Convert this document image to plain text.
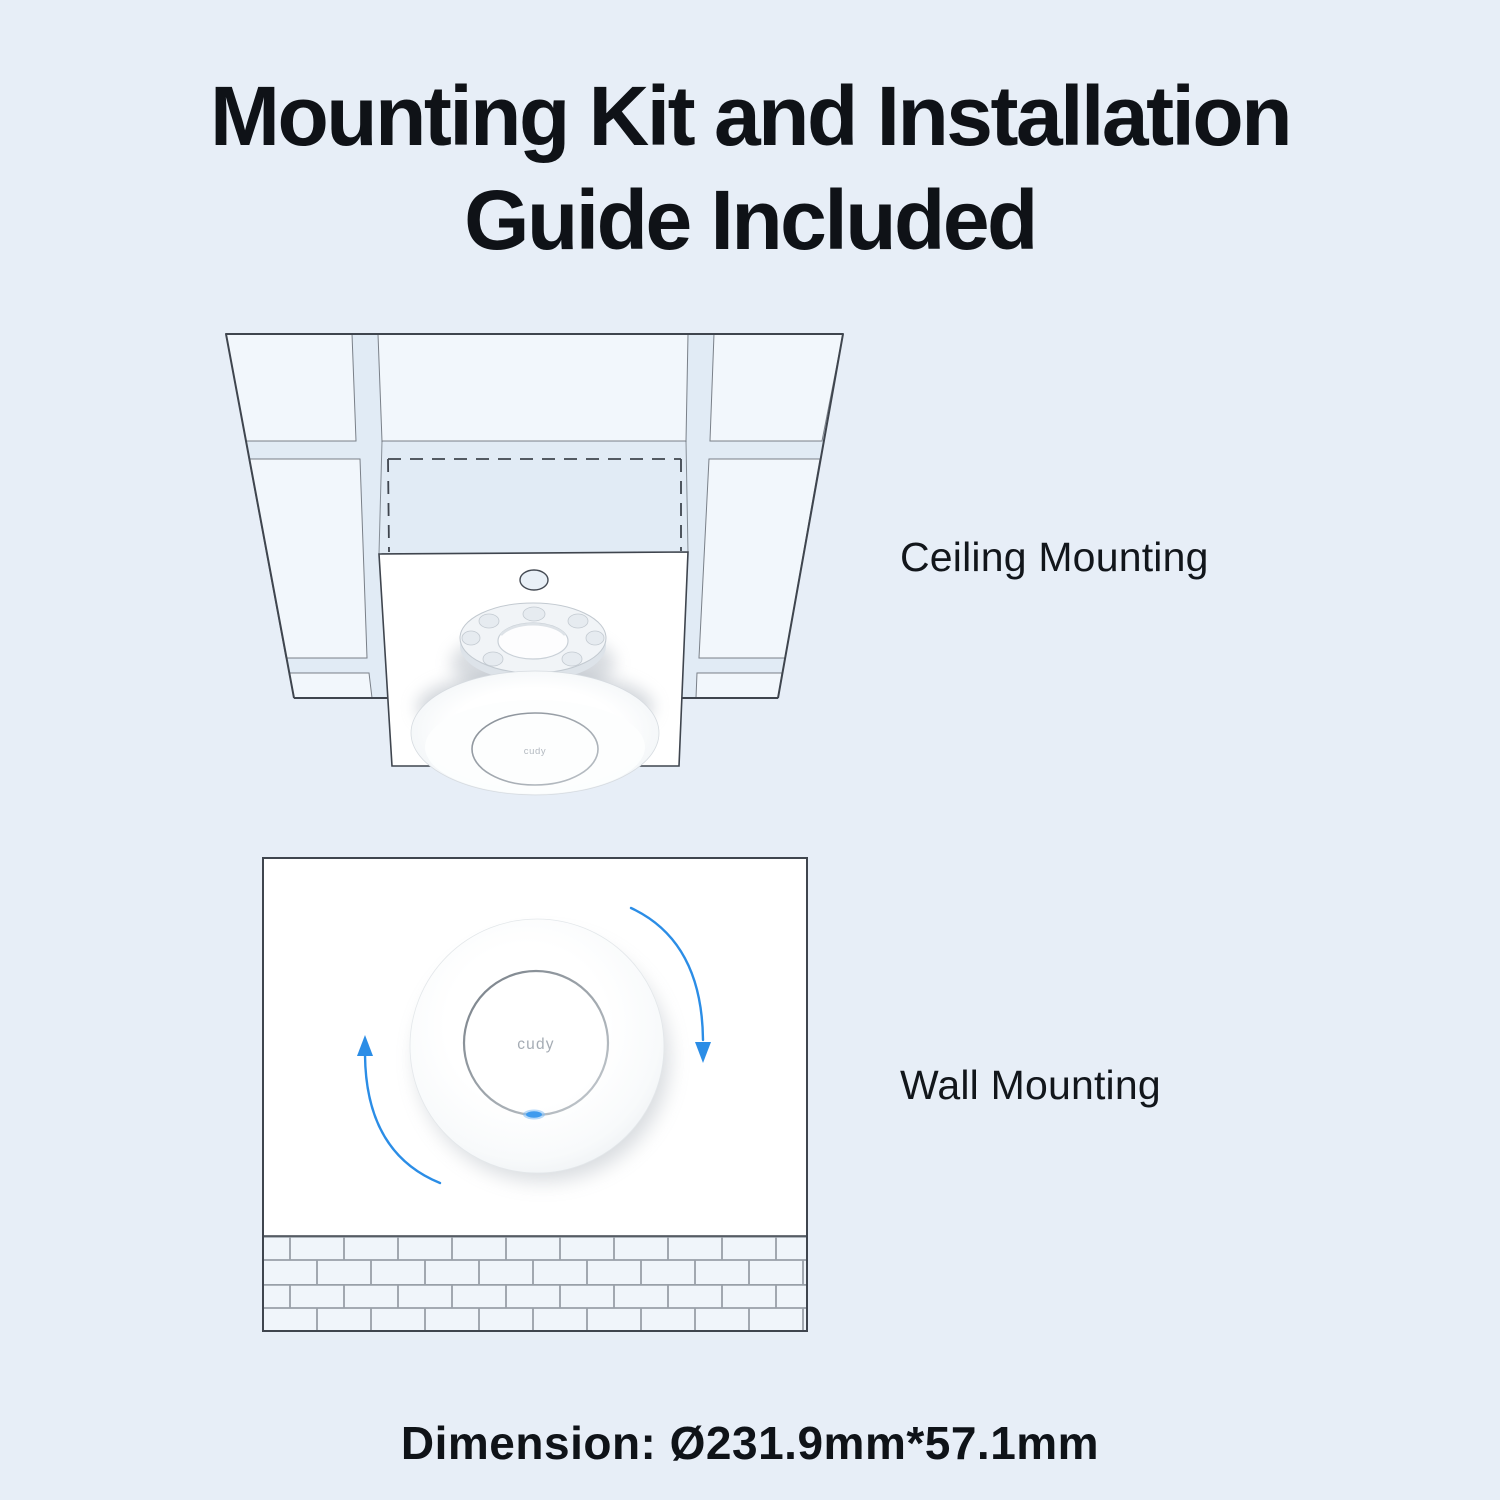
Mounting Kit and Installation
Guide Included
cudy
Ceiling Mounting
cudy
Wall Mounting
Dimension: Ø231.9mm*57.1mm
